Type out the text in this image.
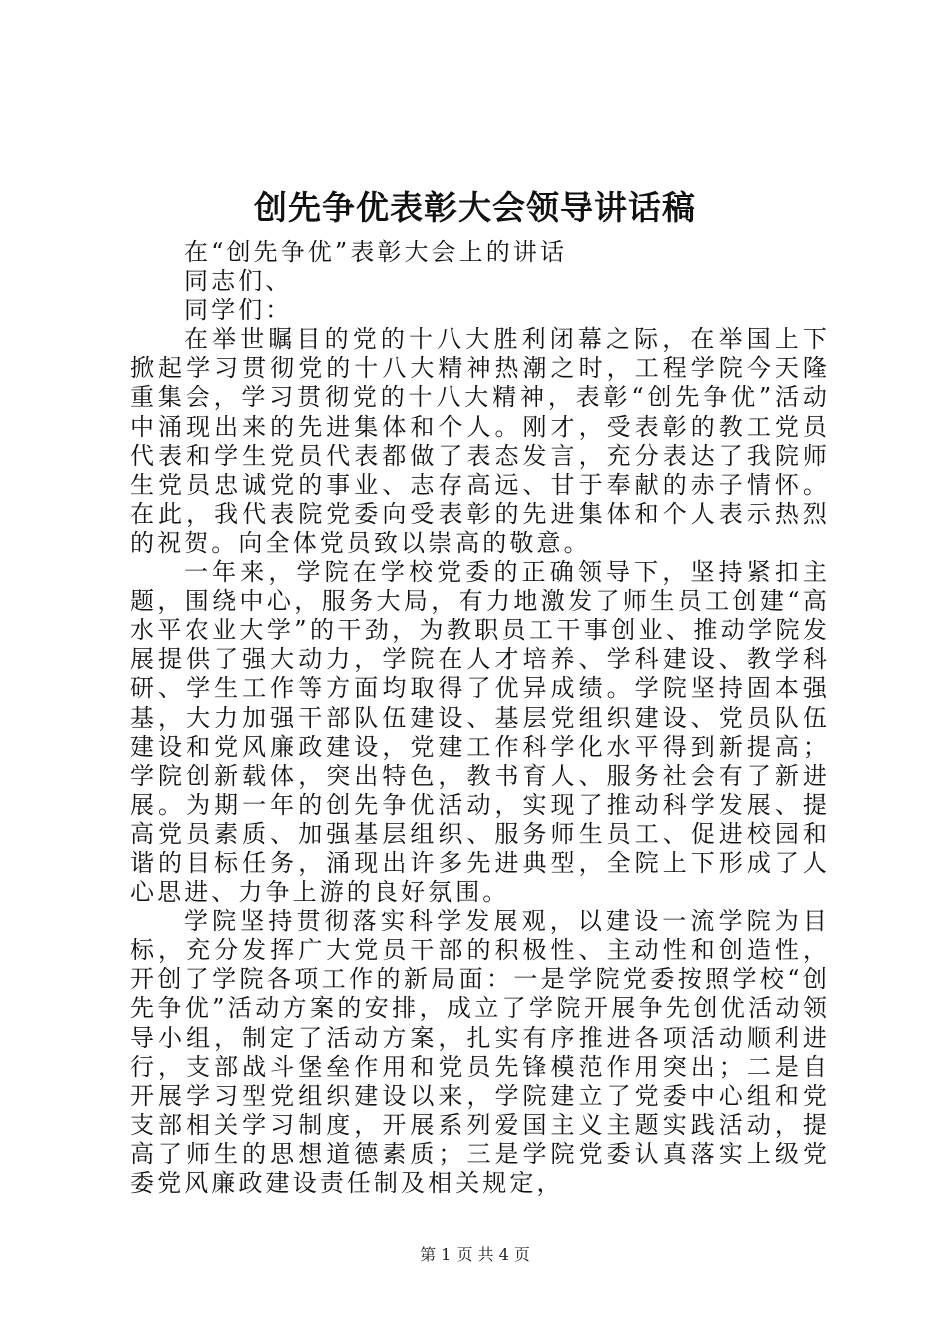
创先争优表彰大会领导讲话稿

在“创先争优”表彰大会上的讲话

同志们、

同学们：

在举世瞩目的党的十八大胜利闭幕之际，在举国上下掀起学习贯彻党的十八大精神热潮之时，工程学院今天隆重集会，学习贯彻党的十八大精神，表彰“创先争优”活动中涌现出来的先进集体和个人。刚才，受表彰的教工党员代表和学生党员代表都做了表态发言，充分表达了我院师生党员忠诚党的事业、志存高远、甘于奉献的赤子情怀。在此，我代表院党委向受表彰的先进集体和个人表示热烈的祝贺。向全体党员致以崇高的敬意。

一年来，学院在学校党委的正确领导下，坚持紧扣主题，围绕中心，服务大局，有力地激发了师生员工创建“高水平农业大学”的干劲，为教职员工干事创业、推动学院发展提供了强大动力，学院在人才培养、学科建设、教学科研、学生工作等方面均取得了优异成绩。学院坚持固本强基，大力加强干部队伍建设、基层党组织建设、党员队伍建设和党风廉政建设，党建工作科学化水平得到新提高；学院创新载体，突出特色，教书育人、服务社会有了新进展。为期一年的创先争优活动，实现了推动科学发展、提高党员素质、加强基层组织、服务师生员工、促进校园和谐的目标任务，涌现出许多先进典型，全院上下形成了人心思进、力争上游的良好氛围。

学院坚持贯彻落实科学发展观，以建设一流学院为目标，充分发挥广大党员干部的积极性、主动性和创造性，开创了学院各项工作的新局面：一是学院党委按照学校“创先争优”活动方案的安排，成立了学院开展争先创优活动领导小组，制定了活动方案，扎实有序推进各项活动顺利进行，支部战斗堡垒作用和党员先锋模范作用突出；二是自开展学习型党组织建设以来，学院建立了党委中心组和党支部相关学习制度，开展系列爱国主义主题实践活动，提高了师生的思想道德素质；三是学院党委认真落实上级党委党风廉政建设责任制及相关规定，

第 1 页 共 4 页
